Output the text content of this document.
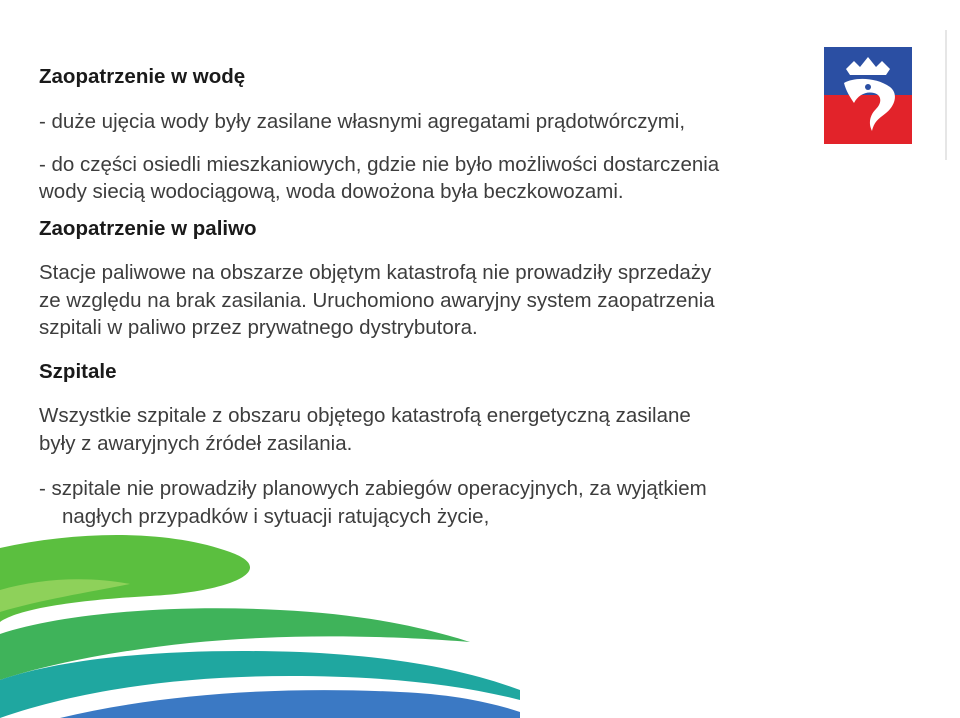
Zaopatrzenie w wodę
- duże ujęcia wody były zasilane własnymi agregatami prądotwórczymi,
- do części osiedli mieszkaniowych, gdzie nie było możliwości dostarczenia
wody siecią wodociągową, woda dowożona była beczkowozami.
Zaopatrzenie w paliwo
Stacje paliwowe na obszarze objętym katastrofą nie prowadziły sprzedaży
ze względu na brak zasilania. Uruchomiono awaryjny system zaopatrzenia
szpitali w paliwo przez prywatnego dystrybutora.
Szpitale
Wszystkie szpitale z obszaru objętego katastrofą energetyczną zasilane
były z awaryjnych źródeł zasilania.
- szpitale nie prowadziły planowych zabiegów operacyjnych, za wyjątkiem
nagłych przypadków i sytuacji ratujących życie,
